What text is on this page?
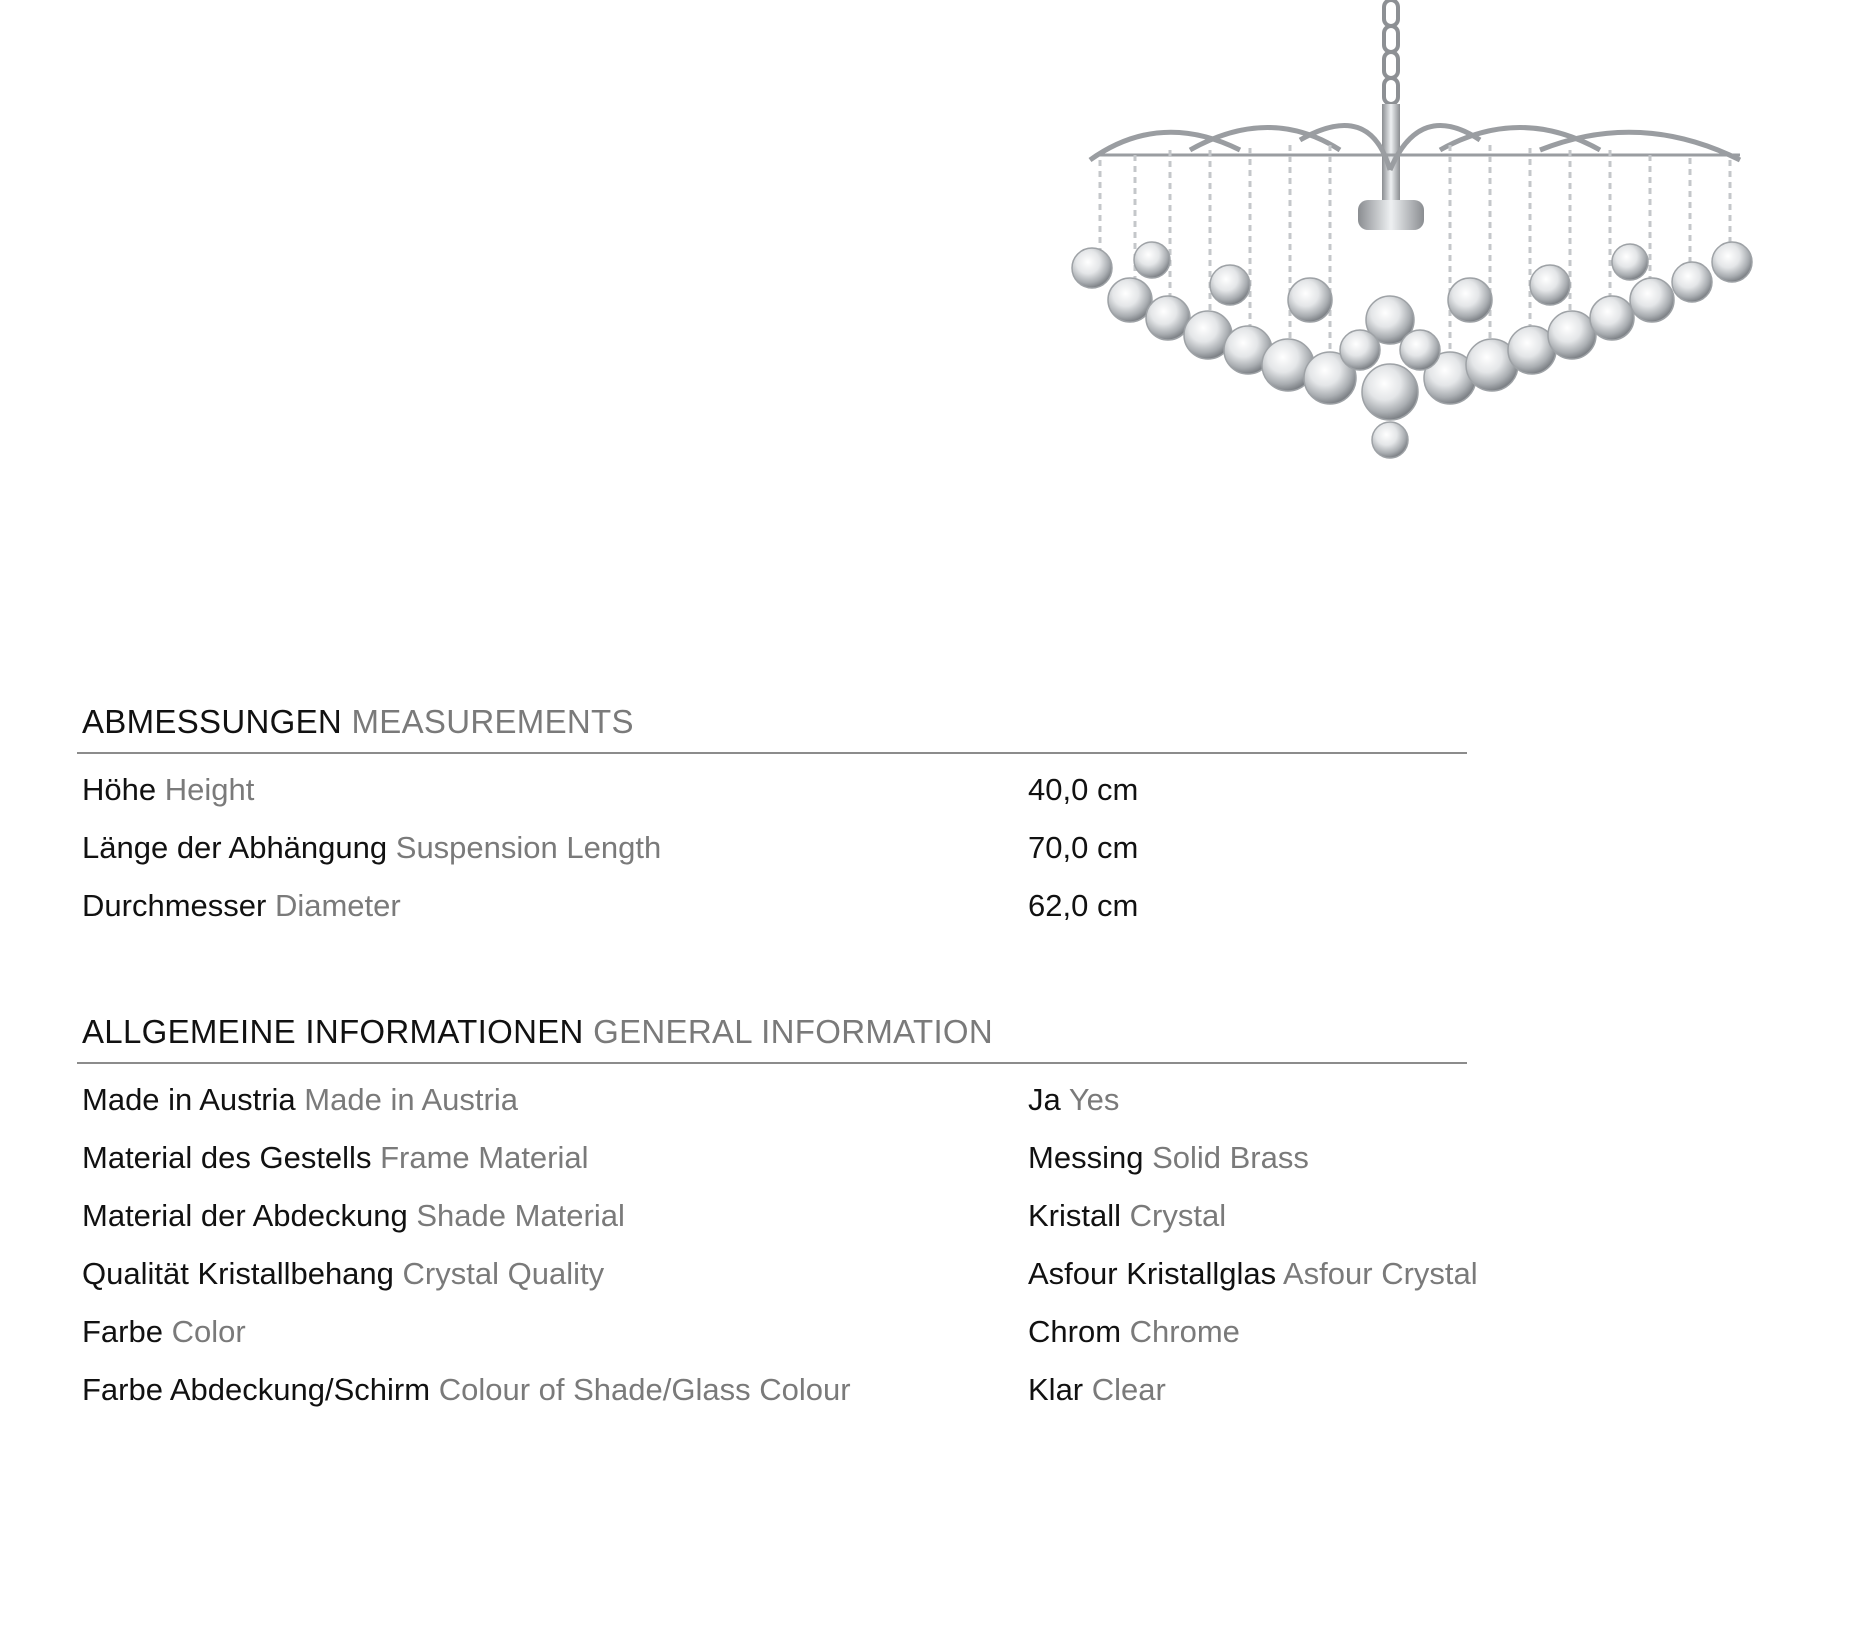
ABMESSUNGEN MEASUREMENTS
Höhe Height	40,0 cm
Länge der Abhängung Suspension Length	70,0 cm
Durchmesser Diameter	62,0 cm
ALLGEMEINE INFORMATIONEN GENERAL INFORMATION
Made in Austria Made in Austria	Ja Yes
Material des Gestells Frame Material	Messing Solid Brass
Material der Abdeckung Shade Material	Kristall Crystal
Qualität Kristallbehang Crystal Quality	Asfour Kristallglas Asfour Crystal
Farbe Color	Chrom Chrome
Farbe Abdeckung/Schirm Colour of Shade/Glass Colour	Klar Clear
